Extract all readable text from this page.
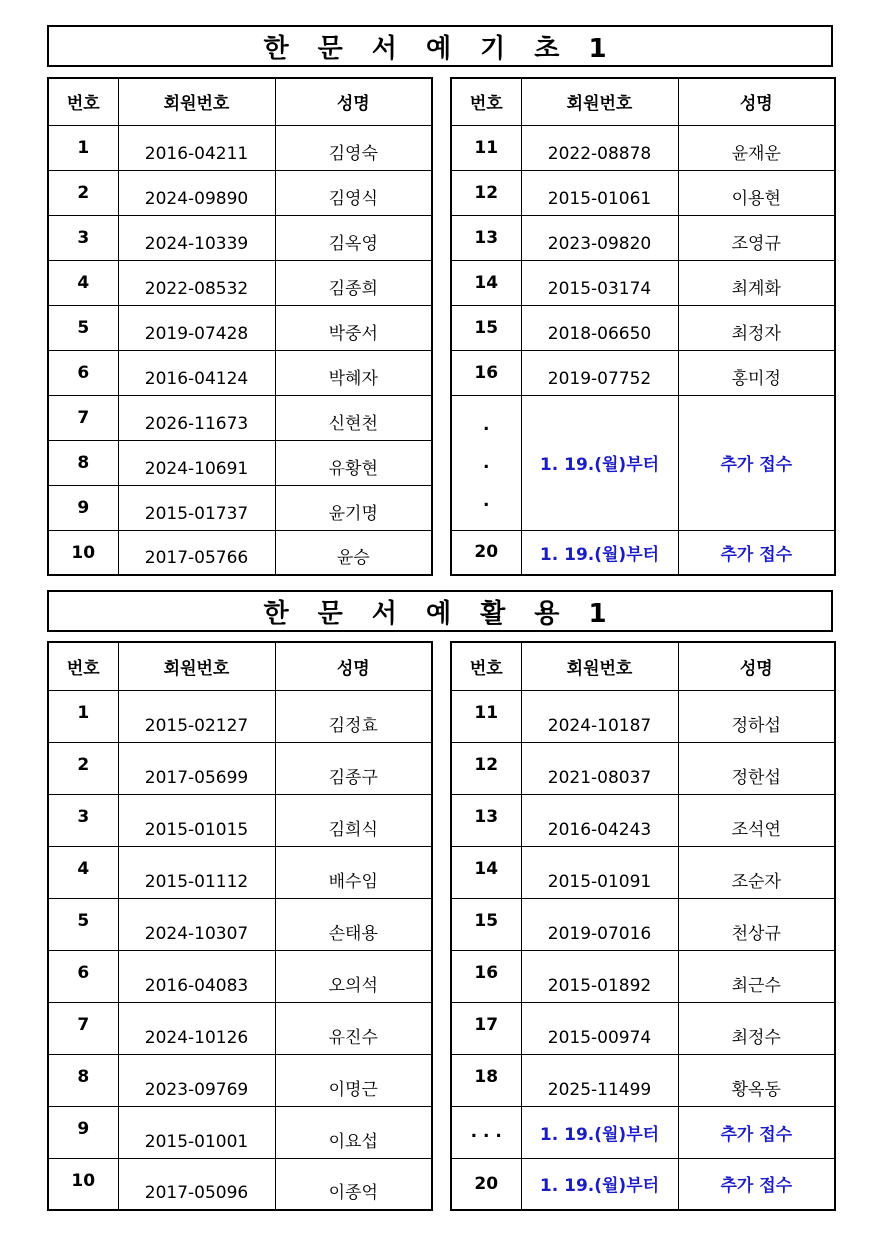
한 문 서 예 기 초 1
번호	회원번호	성명
1	2016-04211	김영숙
2	2024-09890	김영식
3	2024-10339	김옥영
4	2022-08532	김종희
5	2019-07428	박중서
6	2016-04124	박혜자
7	2026-11673	신현천
8	2024-10691	유황현
9	2015-01737	윤기명
10	2017-05766	윤승
번호	회원번호	성명
11	2022-08878	윤재운
12	2015-01061	이용현
13	2023-09820	조영규
14	2015-03174	최계화
15	2018-06650	최정자
16	2019-07752	홍미정

.
.
.	1. 19.(월)부터	추가 접수
20	1. 19.(월)부터	추가 접수
한 문 서 예 활 용 1
번호	회원번호	성명
1	2015-02127	김정효
2	2017-05699	김종구
3	2015-01015	김희식
4	2015-01112	배수임
5	2024-10307	손태용
6	2016-04083	오의석
7	2024-10126	유진수
8	2023-09769	이명근
9	2015-01001	이요섭
10	2017-05096	이종억
번호	회원번호	성명
11	2024-10187	정하섭
12	2021-08037	정한섭
13	2016-04243	조석연
14	2015-01091	조순자
15	2019-07016	천상규
16	2015-01892	최근수
17	2015-00974	최정수
18	2025-11499	황옥동
. . .	1. 19.(월)부터	추가 접수
20	1. 19.(월)부터	추가 접수
